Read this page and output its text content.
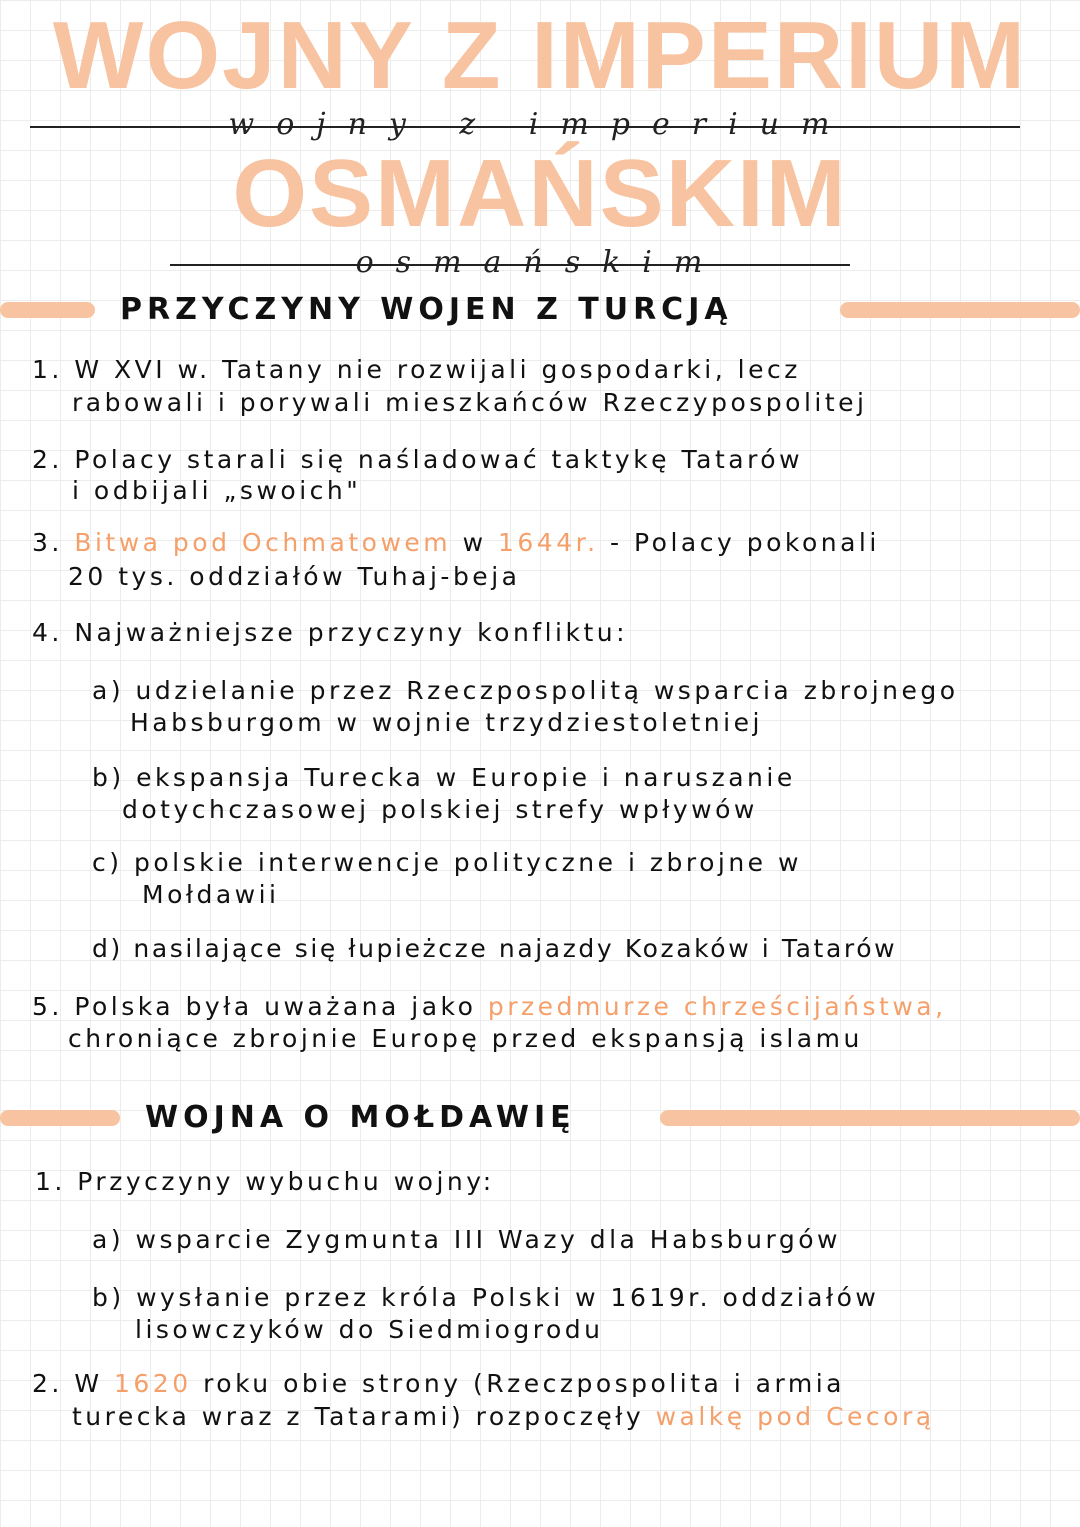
WOJNY Z IMPERIUM
wojny z imperium
OSMAŃSKIM
osmańskim
PRZYCZYNY WOJEN Z TURCJĄ
1. W XVI w. Tatany nie rozwijali gospodarki, lecz
rabowali i porywali mieszkańców Rzeczypospolitej
2. Polacy starali się naśladować taktykę Tatarów
i odbijali „swoich"
3. Bitwa pod Ochmatowem w 1644r. - Polacy pokonali
20 tys. oddziałów Tuhaj-beja
4. Najważniejsze przyczyny konfliktu:
a) udzielanie przez Rzeczpospolitą wsparcia zbrojnego
Habsburgom w wojnie trzydziestoletniej
b) ekspansja Turecka w Europie i naruszanie
dotychczasowej polskiej strefy wpływów
c) polskie interwencje polityczne i zbrojne w
Mołdawii
d) nasilające się łupieżcze najazdy Kozaków i Tatarów
5. Polska była uważana jako przedmurze chrześcijaństwa,
chroniące zbrojnie Europę przed ekspansją islamu
WOJNA O MOŁDAWIĘ
1. Przyczyny wybuchu wojny:
a) wsparcie Zygmunta III Wazy dla Habsburgów
b) wysłanie przez króla Polski w 1619r. oddziałów
lisowczyków do Siedmiogrodu
2. W 1620 roku obie strony (Rzeczpospolita i armia
turecka wraz z Tatarami) rozpoczęły walkę pod Cecorą
